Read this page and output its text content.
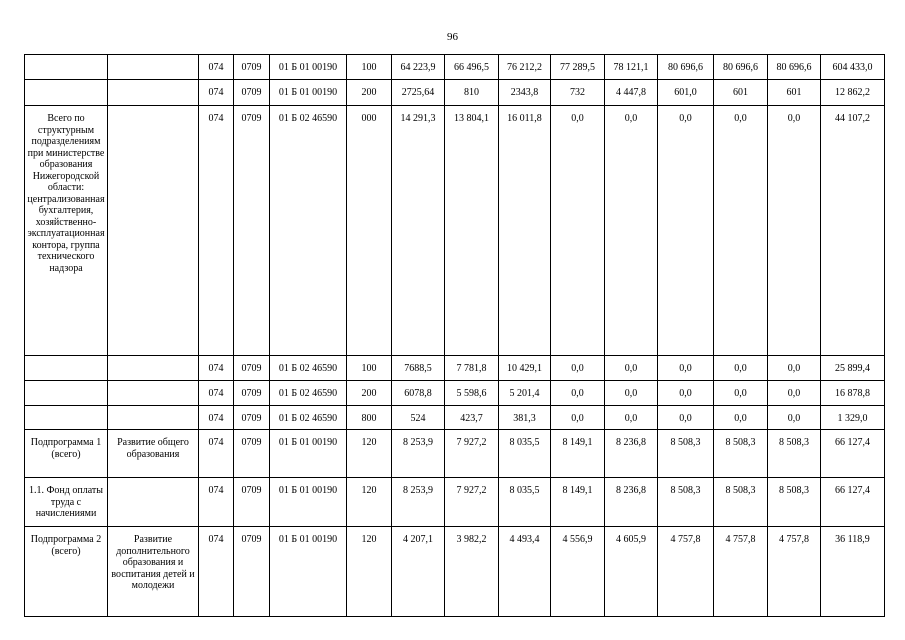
96
		074	0709	01 Б 01 00190	100	64 223,9	66 496,5	76 212,2	77 289,5	78 121,1	80 696,6	80 696,6	80 696,6	604 433,0
		074	0709	01 Б 01 00190	200	2725,64	810	2343,8	732	4 447,8	601,0	601	601	12 862,2
Всего по структурным подразделениям при министерстве образования Нижегородской области: централизованная бухгалтерия, хозяйственно-эксплуатационная контора, группа технического надзора		074	0709	01 Б 02 46590	000	14 291,3	13 804,1	16 011,8	0,0	0,0	0,0	0,0	0,0	44 107,2
		074	0709	01 Б 02 46590	100	7688,5	7 781,8	10 429,1	0,0	0,0	0,0	0,0	0,0	25 899,4
		074	0709	01 Б 02 46590	200	6078,8	5 598,6	5 201,4	0,0	0,0	0,0	0,0	0,0	16 878,8
		074	0709	01 Б 02 46590	800	524	423,7	381,3	0,0	0,0	0,0	0,0	0,0	1 329,0
Подпрограмма 1 (всего)	Развитие общего образования	074	0709	01 Б 01 00190	120	8 253,9	7 927,2	8 035,5	8 149,1	8 236,8	8 508,3	8 508,3	8 508,3	66 127,4
1.1. Фонд оплаты труда с начислениями		074	0709	01 Б 01 00190	120	8 253,9	7 927,2	8 035,5	8 149,1	8 236,8	8 508,3	8 508,3	8 508,3	66 127,4
Подпрограмма 2 (всего)	Развитие дополнительного образования и воспитания детей и молодежи	074	0709	01 Б 01 00190	120	4 207,1	3 982,2	4 493,4	4 556,9	4 605,9	4 757,8	4 757,8	4 757,8	36 118,9
